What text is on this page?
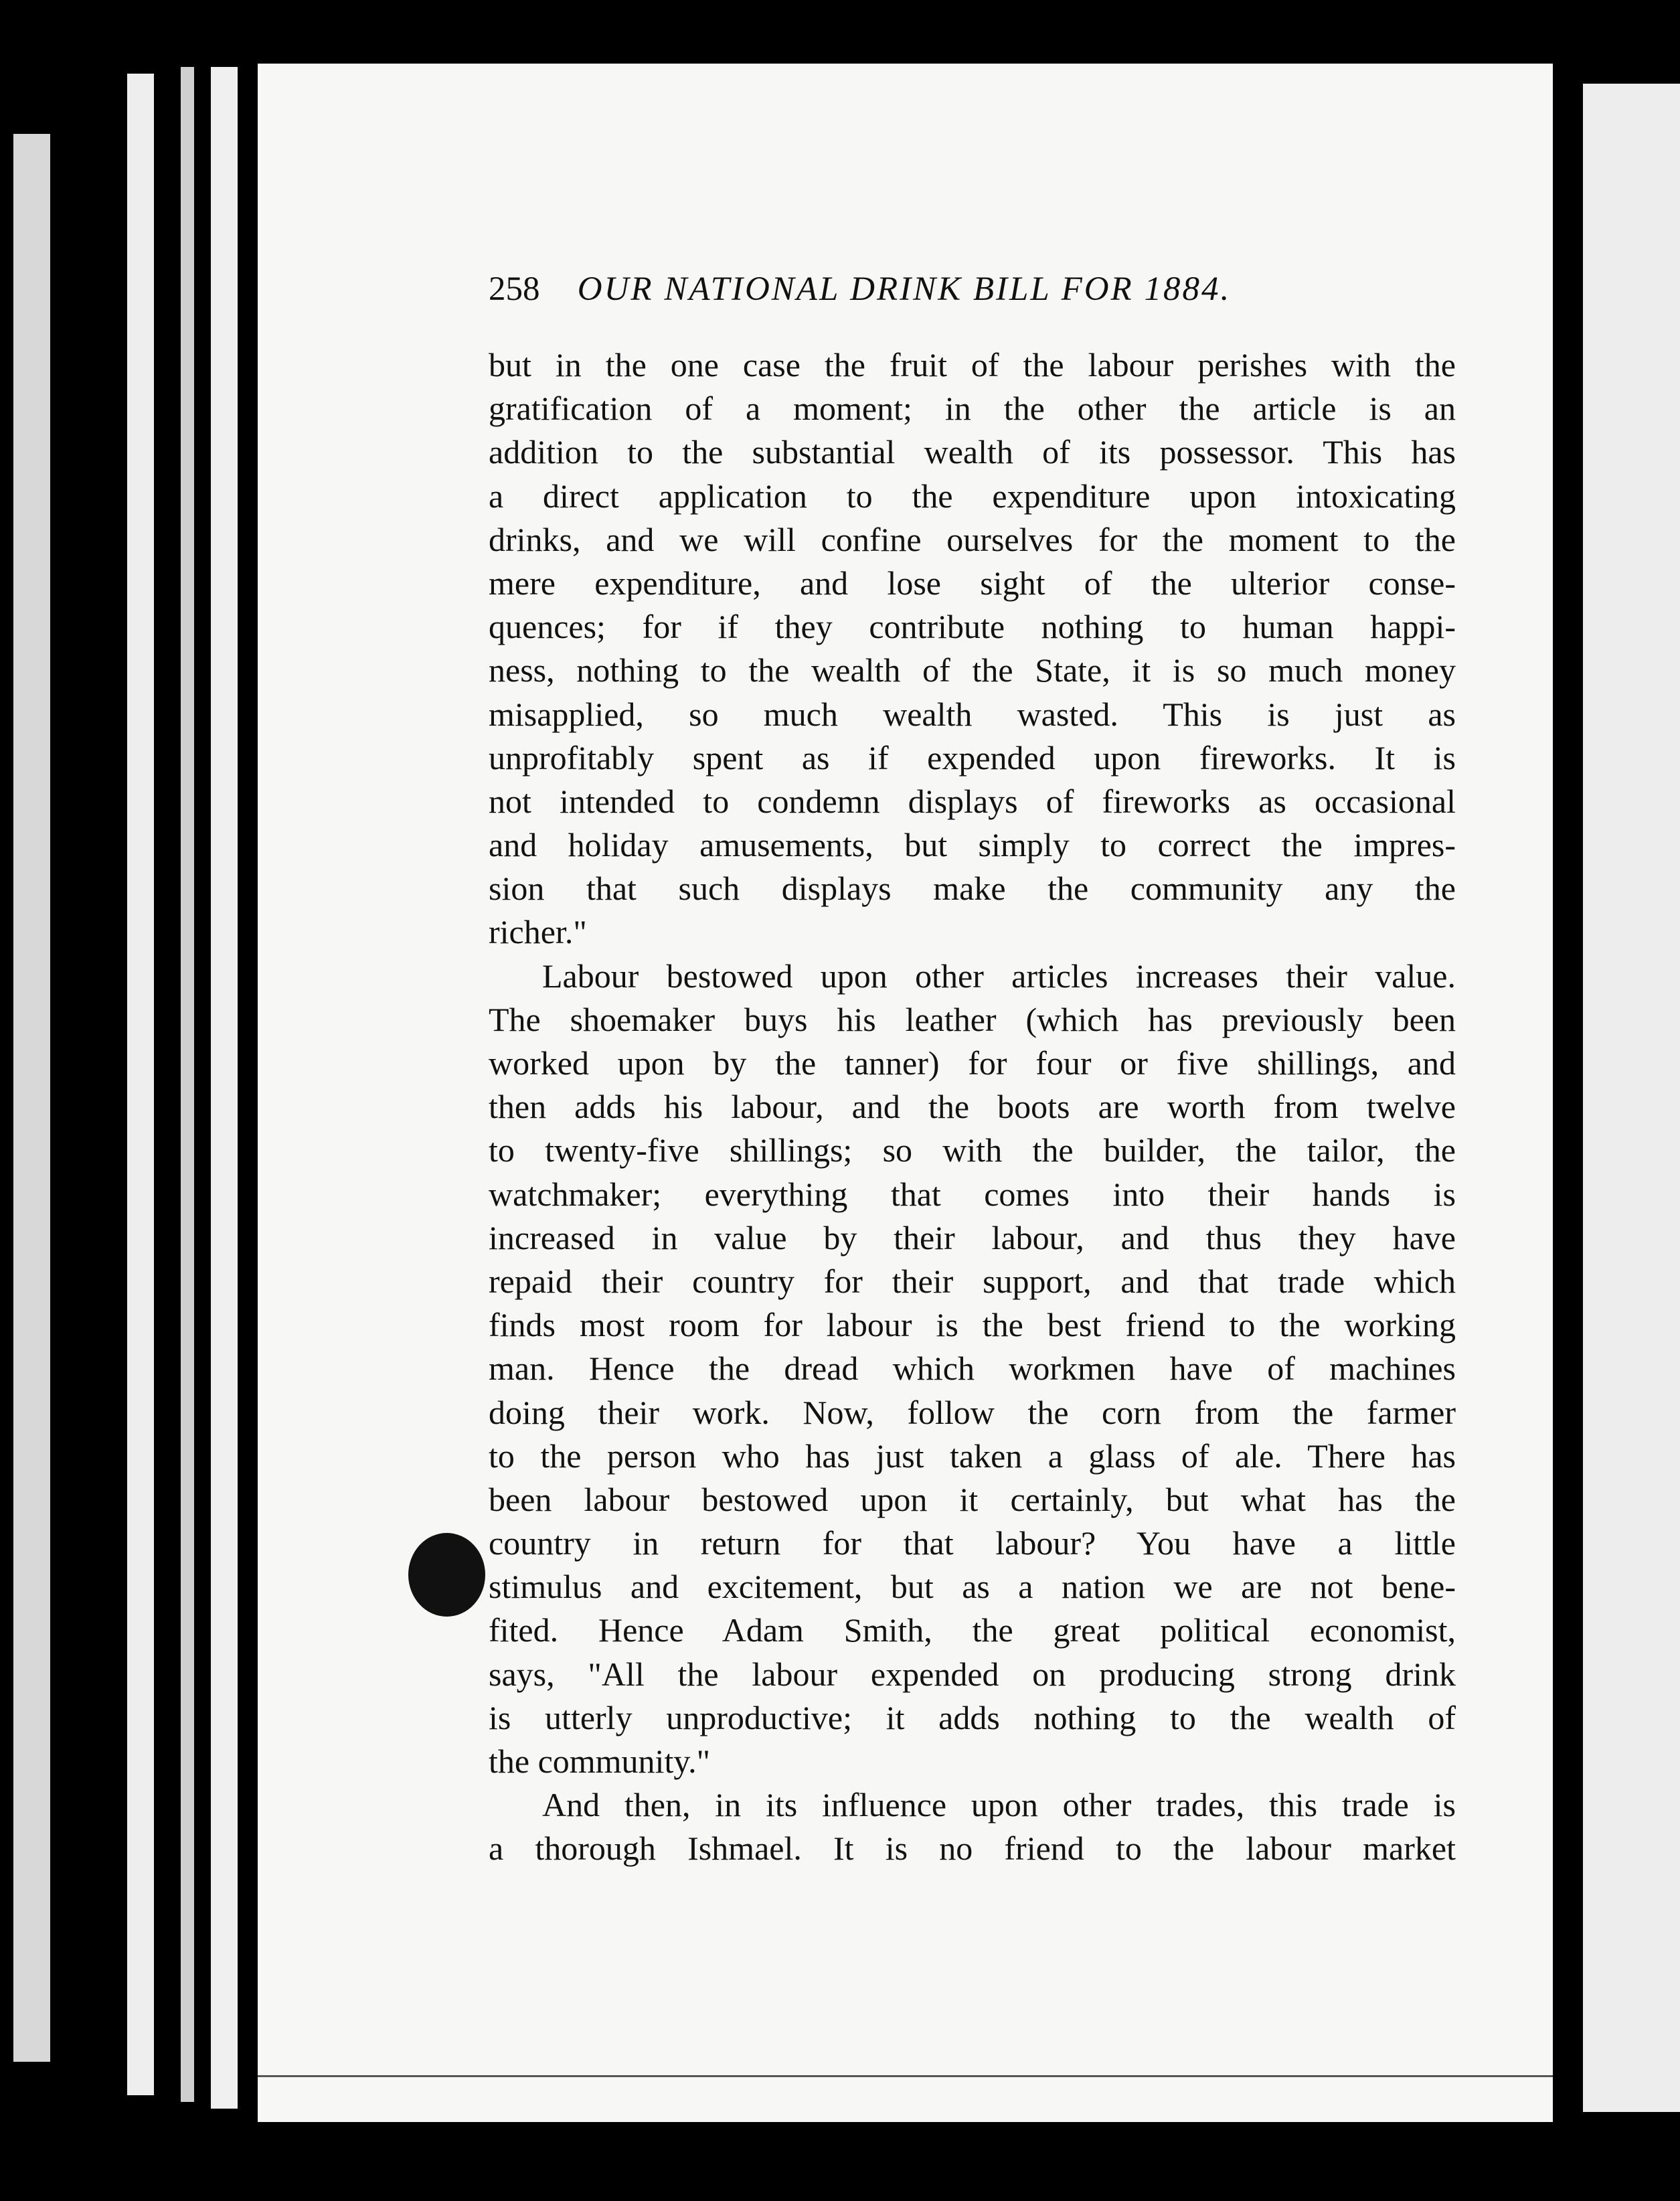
258 OUR NATIONAL DRINK BILL FOR 1884.
but in the one case the fruit of the labour perishes with the
gratification of a moment; in the other the article is an
addition to the substantial wealth of its possessor. This has
a direct application to the expenditure upon intoxicating
drinks, and we will confine ourselves for the moment to the
mere expenditure, and lose sight of the ulterior conse-
quences; for if they contribute nothing to human happi-
ness, nothing to the wealth of the State, it is so much money
misapplied, so much wealth wasted. This is just as
unprofitably spent as if expended upon fireworks. It is
not intended to condemn displays of fireworks as occasional
and holiday amusements, but simply to correct the impres-
sion that such displays make the community any the
richer."
Labour bestowed upon other articles increases their value.
The shoemaker buys his leather (which has previously been
worked upon by the tanner) for four or five shillings, and
then adds his labour, and the boots are worth from twelve
to twenty-five shillings; so with the builder, the tailor, the
watchmaker; everything that comes into their hands is
increased in value by their labour, and thus they have
repaid their country for their support, and that trade which
finds most room for labour is the best friend to the working
man. Hence the dread which workmen have of machines
doing their work. Now, follow the corn from the farmer
to the person who has just taken a glass of ale. There has
been labour bestowed upon it certainly, but what has the
country in return for that labour? You have a little
stimulus and excitement, but as a nation we are not bene-
fited. Hence Adam Smith, the great political economist,
says, "All the labour expended on producing strong drink
is utterly unproductive; it adds nothing to the wealth of
the community."
And then, in its influence upon other trades, this trade is
a thorough Ishmael. It is no friend to the labour market
